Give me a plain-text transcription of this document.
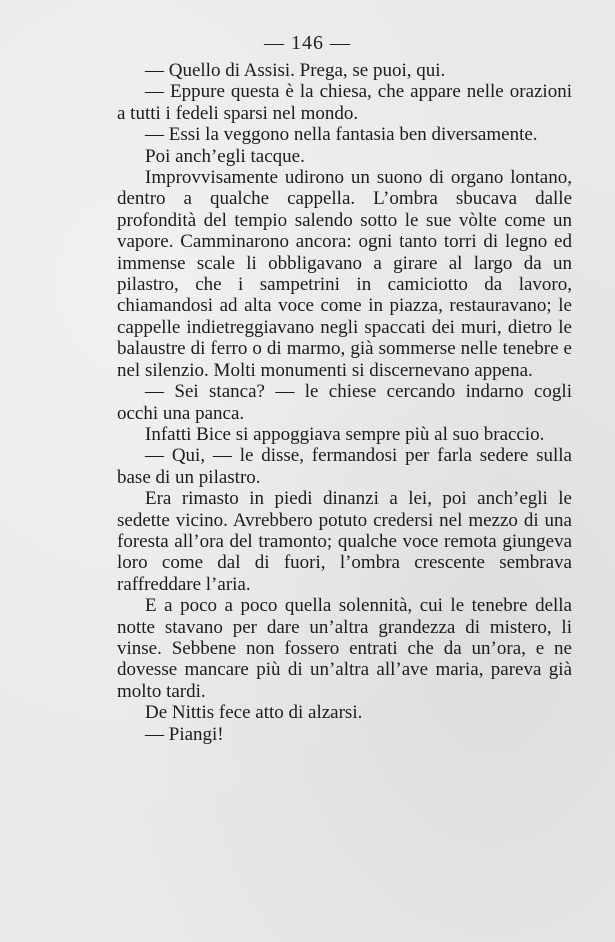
— 146 —

— Quello di Assisi. Prega, se puoi, qui.

— Eppure questa è la chiesa, che appare nelle orazioni a tutti i fedeli sparsi nel mondo.

— Essi la veggono nella fantasia ben diversamente.

Poi anch’egli tacque.

Improvvisamente udirono un suono di organo lontano, dentro a qualche cappella. L’ombra sbucava dalle profondità del tempio salendo sotto le sue vòlte come un vapore. Camminarono ancora: ogni tanto torri di legno ed immense scale li obbligavano a girare al largo da un pilastro, che i sampetrini in camiciotto da lavoro, chiamandosi ad alta voce come in piazza, restauravano; le cappelle indietreggiavano negli spaccati dei muri, dietro le balaustre di ferro o di marmo, già sommerse nelle tenebre e nel silenzio. Molti monumenti si discernevano appena.

— Sei stanca? — le chiese cercando indarno cogli occhi una panca.

Infatti Bice si appoggiava sempre più al suo braccio.

— Qui, — le disse, fermandosi per farla sedere sulla base di un pilastro.

Era rimasto in piedi dinanzi a lei, poi anch’egli le sedette vicino. Avrebbero potuto credersi nel mezzo di una foresta all’ora del tramonto; qualche voce remota giungeva loro come dal di fuori, l’ombra crescente sembrava raffreddare l’aria.

E a poco a poco quella solennità, cui le tenebre della notte stavano per dare un’altra grandezza di mistero, li vinse. Sebbene non fossero entrati che da un’ora, e ne dovesse mancare più di un’altra all’ave maria, pareva già molto tardi.

De Nittis fece atto di alzarsi.

— Piangi!
